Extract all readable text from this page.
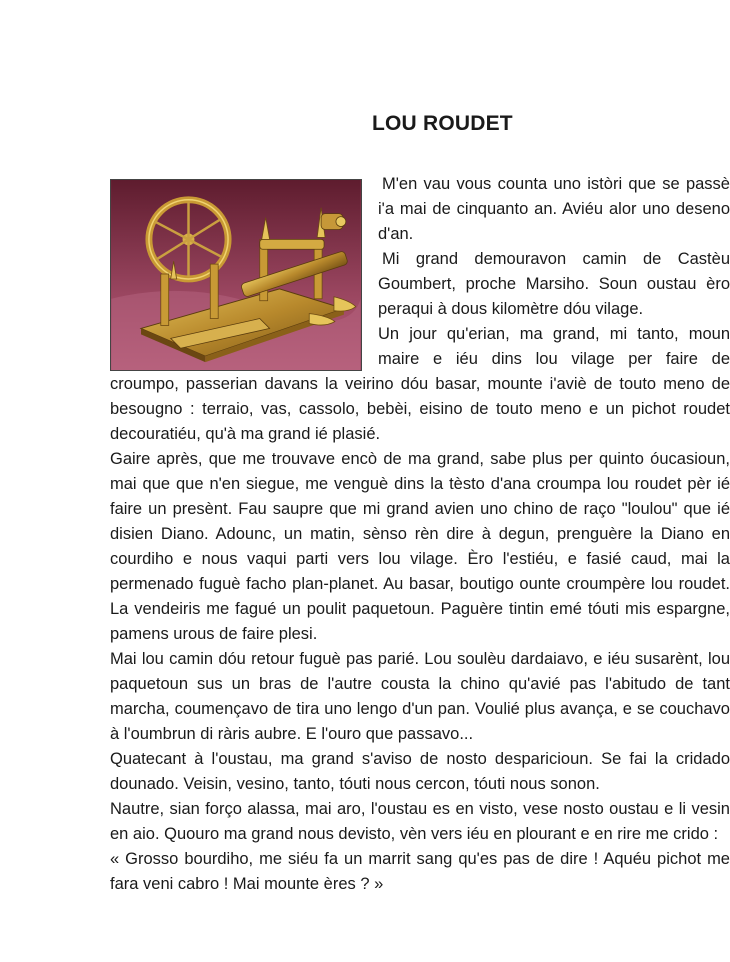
LOU ROUDET

M'en vau vous counta uno istòri que se passè i'a mai de cinquanto an. Aviéu alor uno deseno d'an.

Mi grand demouravon camin de Castèu Goumbert, proche Marsiho. Soun oustau èro peraqui à dous kilomètre dóu vilage.

Un jour qu'erian, ma grand, mi tanto, moun maire e iéu dins lou vilage per faire de croumpo, passerian davans la veirino dóu basar, mounte i'aviè de touto meno de besougno : terraio, vas, cassolo, bebèi, eisino de touto meno e un pichot roudet decouratiéu, qu'à ma grand ié plasié.

Gaire après, que me trouvave encò de ma grand, sabe plus per quinto óucasioun, mai que que n'en siegue, me venguè dins la tèsto d'ana croumpa lou roudet pèr ié faire un presènt. Fau saupre que mi grand avien uno chino de raço "loulou" que ié disien Diano. Adounc, un matin, sènso rèn dire à degun, prenguère la Diano en courdiho e nous vaqui parti vers lou vilage. Èro l'estiéu, e fasié caud, mai la permenado fuguè facho plan-planet. Au basar, boutigo ounte croumpère lou roudet. La vendeiris me fagué un poulit paquetoun. Paguère tintin emé tóuti mis espargne, pamens urous de faire plesi.

Mai lou camin dóu retour fuguè pas parié. Lou soulèu dardaiavo, e iéu susarènt, lou paquetoun sus un bras de l'autre cousta la chino qu'avié pas l'abitudo de tant marcha, coumençavo de tira uno lengo d'un pan. Voulié plus avança, e se couchavo à l'oumbrun di ràris aubre. E l'ouro que passavo...

Quatecant à l'oustau, ma grand s'aviso de nosto desparicioun. Se fai la cridado dounado. Veisin, vesino, tanto, tóuti nous cercon, tóuti nous sonon.

Nautre, sian forço alassa, mai aro, l'oustau es en visto, vese nosto oustau e li vesin en aio. Quouro ma grand nous devisto, vèn vers iéu en plourant e en rire me crido :

« Grosso bourdiho, me siéu fa un marrit sang qu'es pas de dire ! Aquéu pichot me fara veni cabro ! Mai mounte ères ? »
